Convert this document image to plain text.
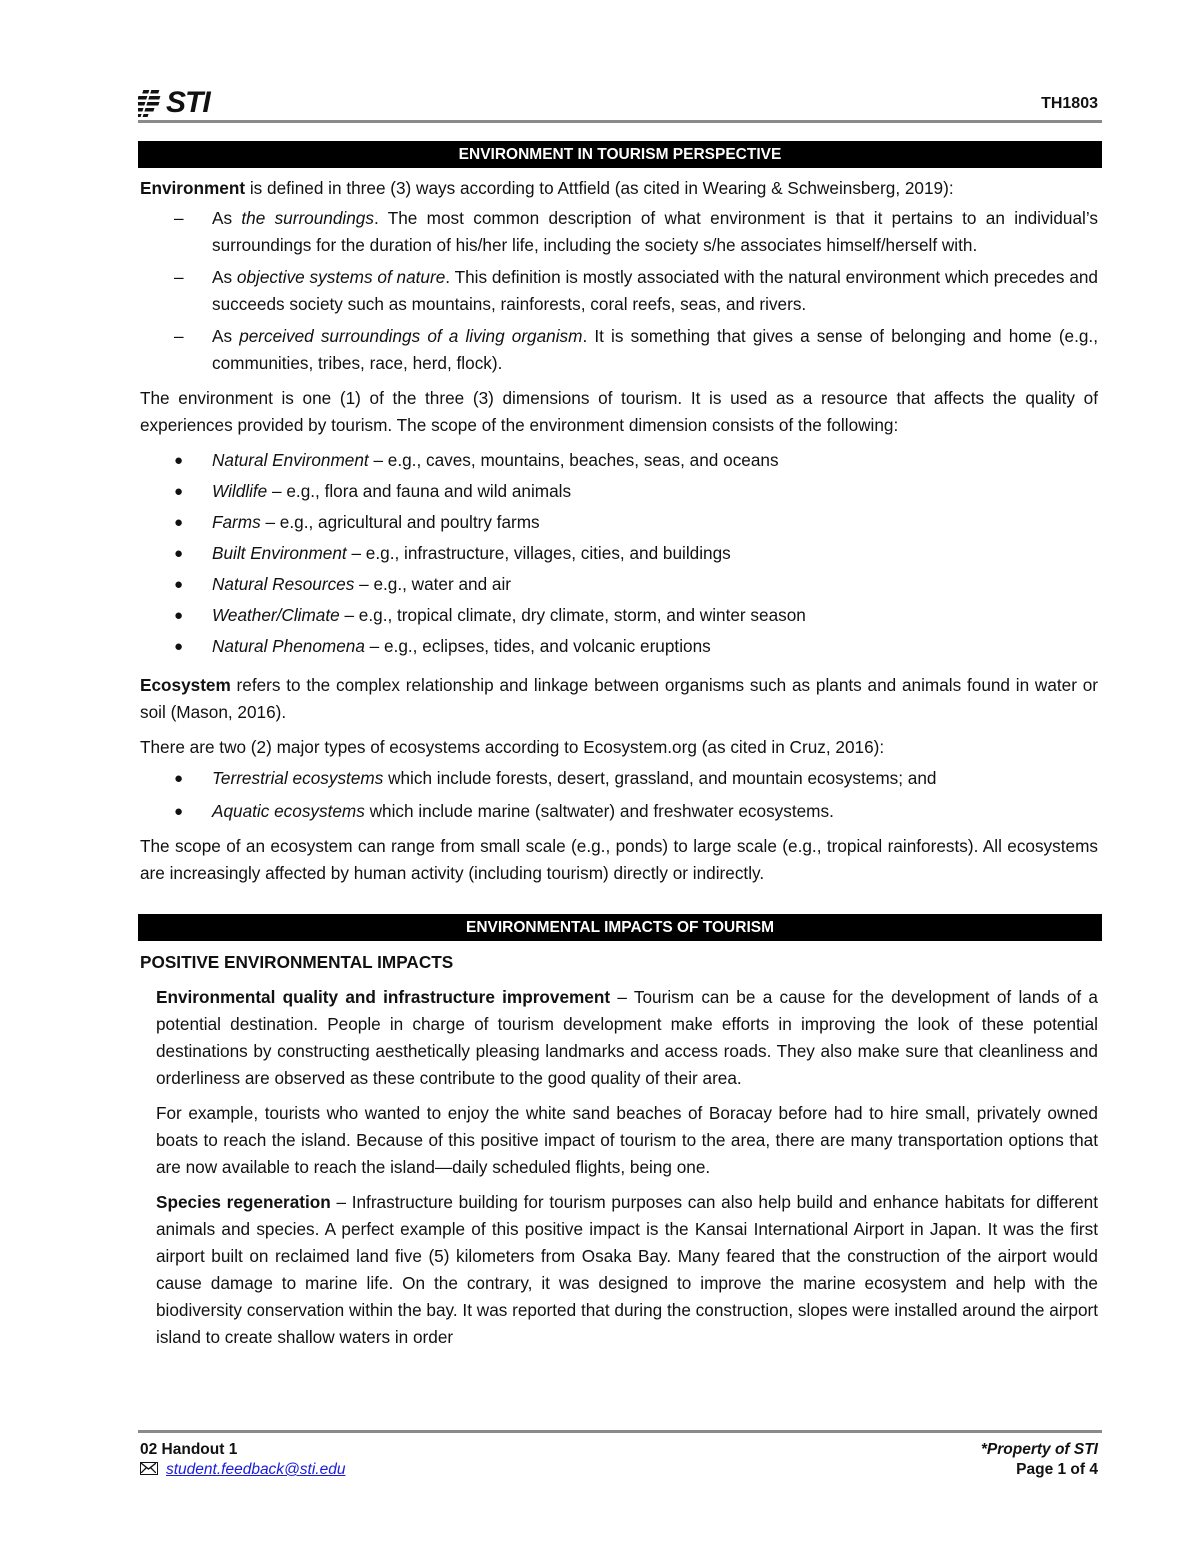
STI	TH1803
ENVIRONMENT IN TOURISM PERSPECTIVE

Environment is defined in three (3) ways according to Attfield (as cited in Wearing & Schweinsberg, 2019):

– As the surroundings. The most common description of what environment is that it pertains to an individual’s surroundings for the duration of his/her life, including the society s/he associates himself/herself with.
– As objective systems of nature. This definition is mostly associated with the natural environment which precedes and succeeds society such as mountains, rainforests, coral reefs, seas, and rivers.
– As perceived surroundings of a living organism. It is something that gives a sense of belonging and home (e.g., communities, tribes, race, herd, flock).

The environment is one (1) of the three (3) dimensions of tourism. It is used as a resource that affects the quality of experiences provided by tourism. The scope of the environment dimension consists of the following:

● Natural Environment – e.g., caves, mountains, beaches, seas, and oceans
● Wildlife – e.g., flora and fauna and wild animals
● Farms – e.g., agricultural and poultry farms
● Built Environment – e.g., infrastructure, villages, cities, and buildings
● Natural Resources – e.g., water and air
● Weather/Climate – e.g., tropical climate, dry climate, storm, and winter season
● Natural Phenomena – e.g., eclipses, tides, and volcanic eruptions

Ecosystem refers to the complex relationship and linkage between organisms such as plants and animals found in water or soil (Mason, 2016).

There are two (2) major types of ecosystems according to Ecosystem.org (as cited in Cruz, 2016):

● Terrestrial ecosystems which include forests, desert, grassland, and mountain ecosystems; and
● Aquatic ecosystems which include marine (saltwater) and freshwater ecosystems.

The scope of an ecosystem can range from small scale (e.g., ponds) to large scale (e.g., tropical rainforests). All ecosystems are increasingly affected by human activity (including tourism) directly or indirectly.

ENVIRONMENTAL IMPACTS OF TOURISM

POSITIVE ENVIRONMENTAL IMPACTS

Environmental quality and infrastructure improvement – Tourism can be a cause for the development of lands of a potential destination. People in charge of tourism development make efforts in improving the look of these potential destinations by constructing aesthetically pleasing landmarks and access roads. They also make sure that cleanliness and orderliness are observed as these contribute to the good quality of their area.

For example, tourists who wanted to enjoy the white sand beaches of Boracay before had to hire small, privately owned boats to reach the island. Because of this positive impact of tourism to the area, there are many transportation options that are now available to reach the island—daily scheduled flights, being one.

Species regeneration – Infrastructure building for tourism purposes can also help build and enhance habitats for different animals and species. A perfect example of this positive impact is the Kansai International Airport in Japan. It was the first airport built on reclaimed land five (5) kilometers from Osaka Bay. Many feared that the construction of the airport would cause damage to marine life. On the contrary, it was designed to improve the marine ecosystem and help with the biodiversity conservation within the bay. It was reported that during the construction, slopes were installed around the airport island to create shallow waters in order

02 Handout 1	*Property of STI
student.feedback@sti.edu	Page 1 of 4
